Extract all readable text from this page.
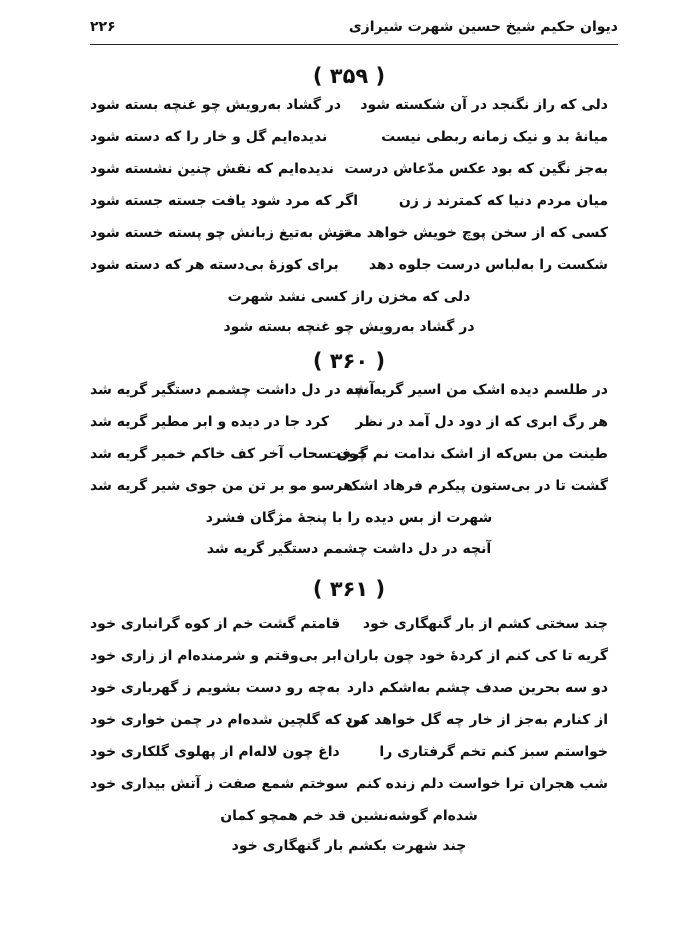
دیوان حکیم شیخ حسین شهرت شیرازی
۲۲۶
( ۳۵۹ )
دلی که راز نگنجد در آن شکسته شود
در گشاد به‌رویش چو غنچه بسته شود
میانهٔ بد و نیک زمانه ربطی نیست
ندیده‌ایم گل و خار را که دسته شود
به‌جز نگین که بود عکس مدّعاش درست
ندیده‌ایم که نقش چنین نشسته شود
میان مردم دنیا که کمترند ز زن
اگر که مرد شود یافت جسته جسته شود
کسی که از سخن پوچ خویش خواهد مغز
تنش به‌تیغ زبانش چو پسته خسته شود
شکست را به‌لباس درست جلوه دهد
برای کوزهٔ بی‌دسته هر که دسته شود
دلی که مخزن راز کسی نشد شهرت
در گشاد به‌رویش چو غنچه بسته شود
( ۳۶۰ )
در طلسم دیده اشک من اسیر گریه شد
آنچه در دل داشت چشمم دستگیر گریه شد
هر رگ ابری که از دود دل آمد در نظر
کرد جا در دیده و ابر مطیر گریه شد
طینت من بس‌که از اشک ندامت نم گرفت
چون سحاب آخر کف خاکم خمیر گریه شد
گشت تا در بی‌ستون پیکرم فرهاد اشک
هرسو مو بر تن من جوی شیر گریه شد
شهرت از بس دیده را با پنجهٔ مژگان فشرد
آنچه در دل داشت چشمم دستگیر گریه شد
( ۳۶۱ )
چند سختی کشم از بار گنهگاری خود
قامتم گشت خم از کوه گرانباری خود
گریه تا کی کنم از کردهٔ خود چون باران
ابر بی‌وقتم و شرمنده‌ام از زاری خود
دو سه بحرین صدف چشم به‌اشکم دارد
به‌چه رو دست بشویم ز گهرباری خود
از کنارم به‌جز از خار چه گل خواهد کرد
من که گلچین شده‌ام در چمن خواری خود
خواستم سبز کنم تخم گرفتاری را
داغ چون لاله‌ام از پهلوی گلکاری خود
شب هجران ترا خواست دلم زنده کنم
سوختم شمع صفت ز آتش بیداری خود
شده‌ام گوشه‌نشین قد خم همچو کمان
چند شهرت بکشم بار گنهگاری خود
